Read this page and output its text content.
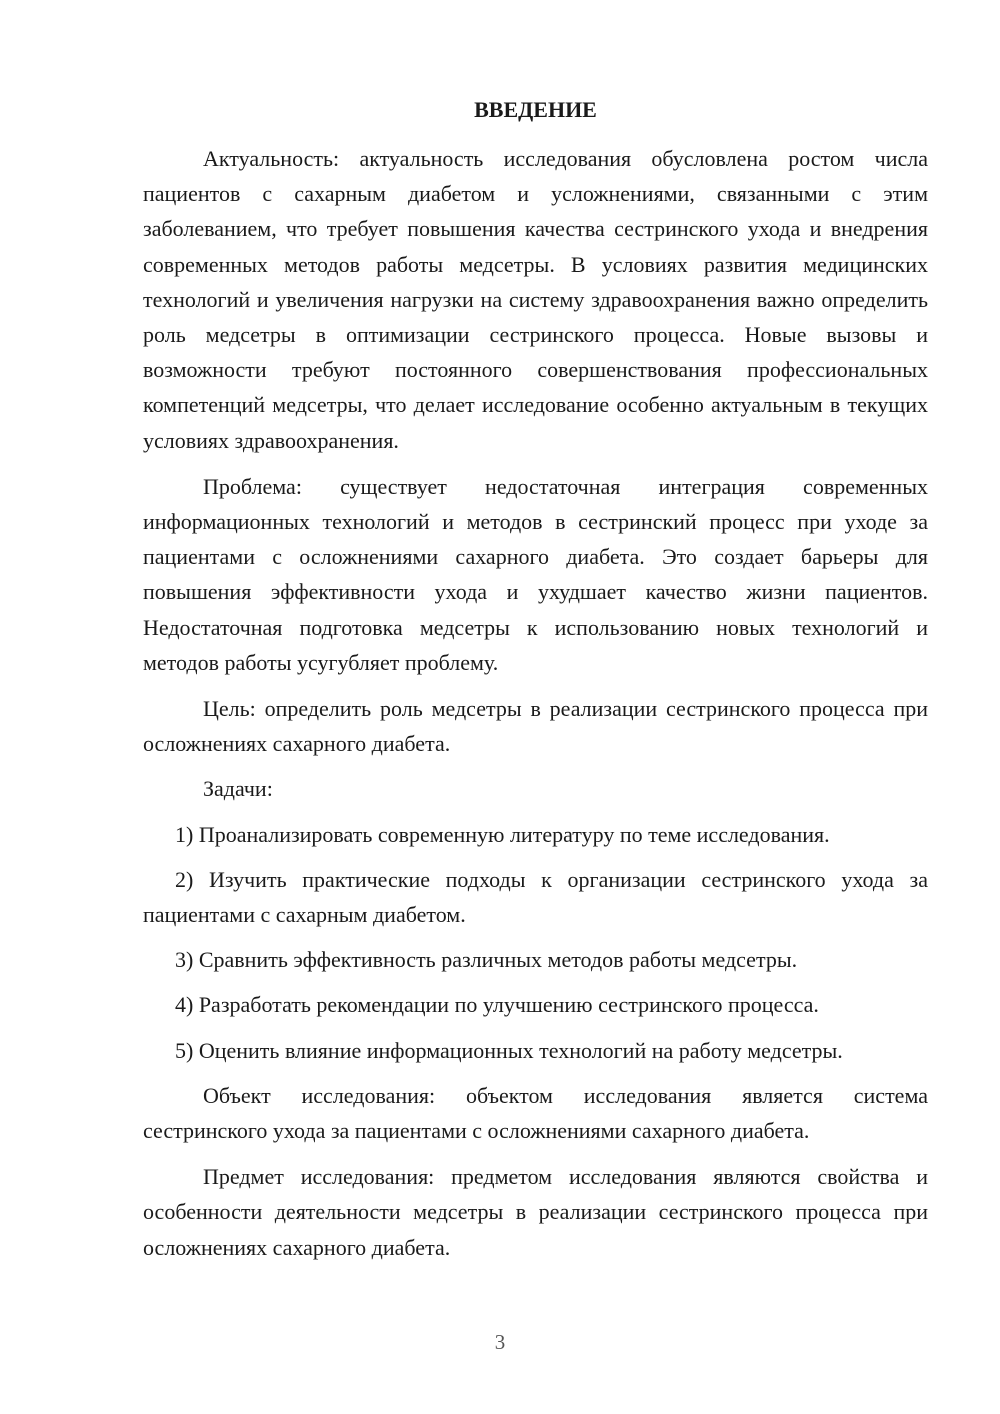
ВВЕДЕНИЕ

Актуальность: актуальность исследования обусловлена ростом числа пациентов с сахарным диабетом и усложнениями, связанными с этим заболеванием, что требует повышения качества сестринского ухода и внедрения современных методов работы медсетры. В условиях развития медицинских технологий и увеличения нагрузки на систему здравоохранения важно определить роль медсетры в оптимизации сестринского процесса. Новые вызовы и возможности требуют постоянного совершенствования профессиональных компетенций медсетры, что делает исследование особенно актуальным в текущих условиях здравоохранения.

Проблема: существует недостаточная интеграция современных информационных технологий и методов в сестринский процесс при уходе за пациентами с осложнениями сахарного диабета. Это создает барьеры для повышения эффективности ухода и ухудшает качество жизни пациентов. Недостаточная подготовка медсетры к использованию новых технологий и методов работы усугубляет проблему.

Цель: определить роль медсетры в реализации сестринского процесса при осложнениях сахарного диабета.

Задачи:

1) Проанализировать современную литературу по теме исследования.

2) Изучить практические подходы к организации сестринского ухода за пациентами с сахарным диабетом.

3) Сравнить эффективность различных методов работы медсетры.

4) Разработать рекомендации по улучшению сестринского процесса.

5) Оценить влияние информационных технологий на работу медсетры.

Объект исследования: объектом исследования является система сестринского ухода за пациентами с осложнениями сахарного диабета.

Предмет исследования: предметом исследования являются свойства и особенности деятельности медсетры в реализации сестринского процесса при осложнениях сахарного диабета.

3
